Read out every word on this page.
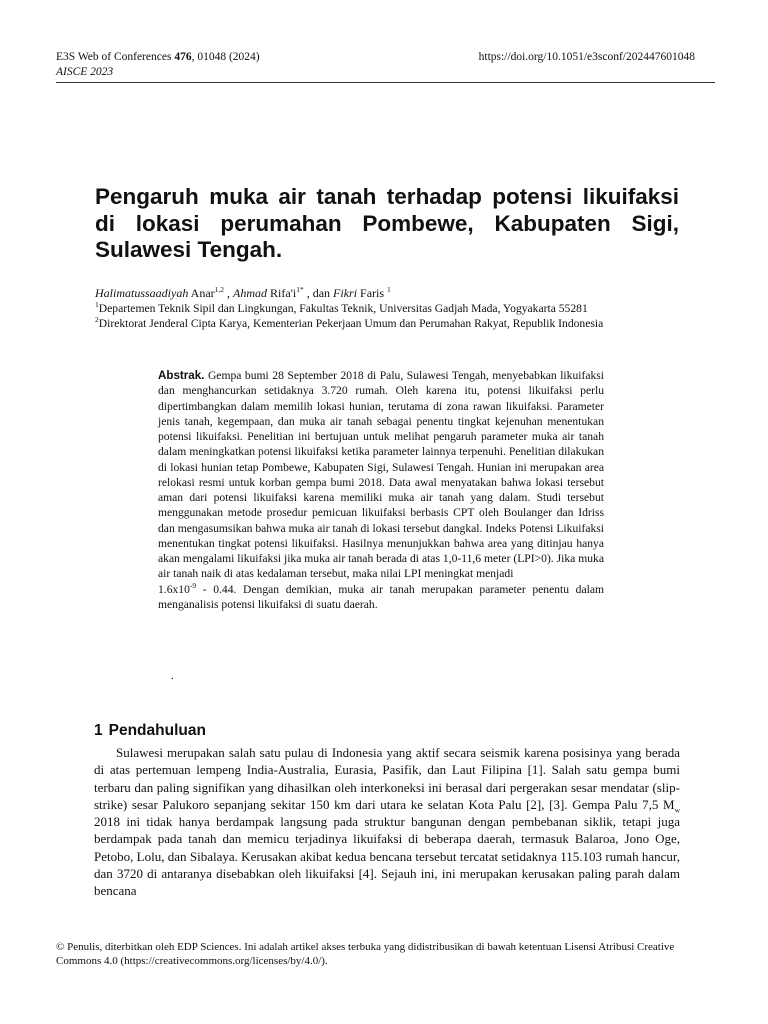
E3S Web of Conferences 476, 01048 (2024)
AISCE 2023
https://doi.org/10.1051/e3sconf/202447601048
Pengaruh muka air tanah terhadap potensi likuifaksi di lokasi perumahan Pombewe, Kabupaten Sigi, Sulawesi Tengah.
Halimatussaadiyah Anar$^{1,2}$ , Ahmad $Rifa'i^{1*}$ , dan Fikri Faris $^1$
$^1$Departemen Teknik Sipil dan Lingkungan, Fakultas Teknik, Universitas Gadjah Mada, Yogyakarta 55281
$^2$Direktorat Jenderal Cipta Karya, Kementerian Pekerjaan Umum dan Perumahan Rakyat, Republik Indonesia
Abstrak. Gempa bumi 28 September 2018 di Palu, Sulawesi Tengah, menyebabkan likuifaksi dan menghancurkan setidaknya 3.720 rumah. Oleh karena itu, potensi likuifaksi perlu dipertimbangkan dalam memilih lokasi hunian, terutama di zona rawan likuifaksi. Parameter jenis tanah, kegempaan, dan muka air tanah sebagai penentu tingkat kejenuhan menentukan potensi likuifaksi. Penelitian ini bertujuan untuk melihat pengaruh parameter muka air tanah dalam meningkatkan potensi likuifaksi ketika parameter lainnya terpenuhi. Penelitian dilakukan di lokasi hunian tetap Pombewe, Kabupaten Sigi, Sulawesi Tengah. Hunian ini merupakan area relokasi resmi untuk korban gempa bumi 2018. Data awal menyatakan bahwa lokasi tersebut aman dari potensi likuifaksi karena memiliki muka air tanah yang dalam. Studi tersebut menggunakan metode prosedur pemicuan likuifaksi berbasis CPT oleh Boulanger dan Idriss dan mengasumsikan bahwa muka air tanah di lokasi tersebut dangkal. Indeks Potensi Likuifaksi menentukan tingkat potensi likuifaksi. Hasilnya menunjukkan bahwa area yang ditinjau hanya akan mengalami likuifaksi jika muka air tanah berada di atas 1,0-11,6 meter (LPI>0). Jika muka air tanah naik di atas kedalaman tersebut, maka nilai LPI meningkat menjadi
$1.6x10^{-9} - 0.44$. Dengan demikian, muka air tanah merupakan parameter penentu dalam menganalisis potensi likuifaksi di suatu daerah.
.
1 Pendahuluan

Sulawesi merupakan salah satu pulau di Indonesia yang aktif secara seismik karena posisinya yang berada di atas pertemuan lempeng India-Australia, Eurasia, Pasifik, dan Laut Filipina [1]. Salah satu gempa bumi terbaru dan paling signifikan yang dihasilkan oleh interkoneksi ini berasal dari pergerakan sesar mendatar (slip-strike) sesar Palukoro sepanjang sekitar 150 km dari utara ke selatan Kota Palu [2], [3]. Gempa Palu 7,5 $M_w$ 2018 ini tidak hanya berdampak langsung pada struktur bangunan dengan pembebanan siklik, tetapi juga berdampak pada tanah dan memicu terjadinya likuifaksi di beberapa daerah, termasuk Balaroa, Jono Oge, Petobo, Lolu, dan Sibalaya. Kerusakan akibat kedua bencana tersebut tercatat setidaknya 115.103 rumah hancur, dan 3720 di antaranya disebabkan oleh likuifaksi [4]. Sejauh ini, ini merupakan kerusakan paling parah dalam bencana

© Penulis, diterbitkan oleh EDP Sciences. Ini adalah artikel akses terbuka yang didistribusikan di bawah ketentuan Lisensi Atribusi Creative Commons 4.0 (https://creativecommons.org/licenses/by/4.0/).
